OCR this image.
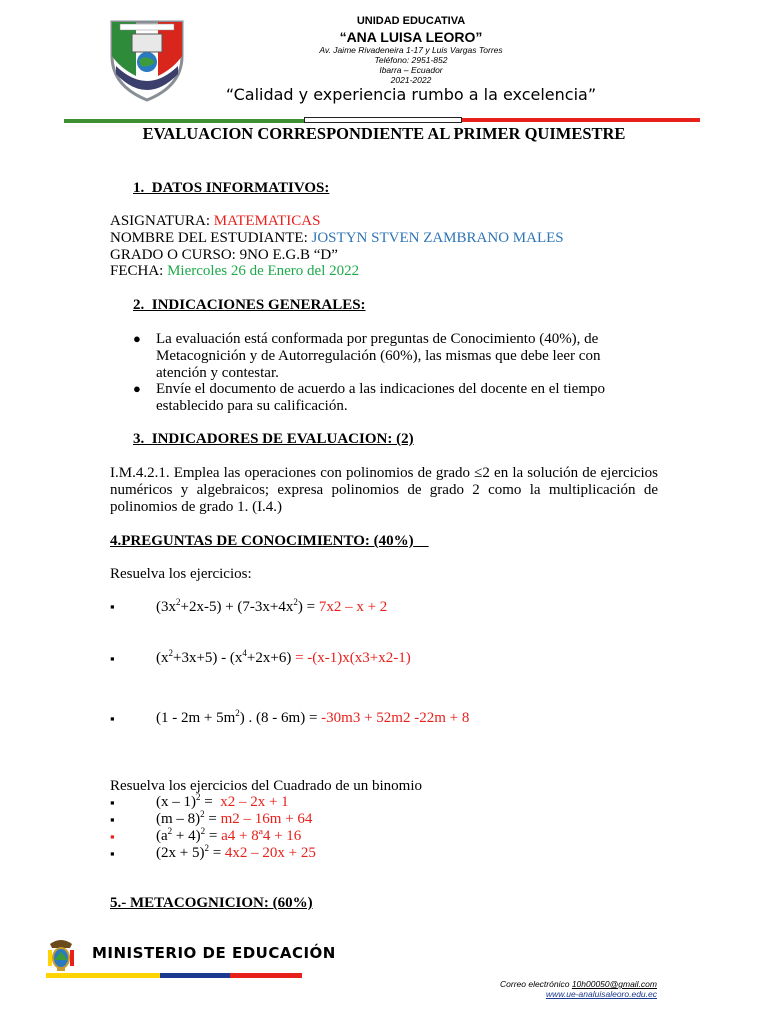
UNIDAD EDUCATIVA
“ANA LUISA LEORO”
Av. Jaime Rivadeneira 1-17 y Luis Vargas Torres
Teléfono: 2951-852
Ibarra – Ecuador
2021-2022
“Calidad y experiencia rumbo a la excelencia”
EVALUACION CORRESPONDIENTE AL PRIMER QUIMESTRE
1.  DATOS INFORMATIVOS:
ASIGNATURA: MATEMATICAS
NOMBRE DEL ESTUDIANTE: JOSTYN STVEN ZAMBRANO MALES
GRADO O CURSO: 9NO E.G.B “D”
FECHA: Miercoles 26 de Enero del 2022
2.  INDICACIONES GENERALES:
● La evaluación está conformada por preguntas de Conocimiento (40%), de Metacognición y de Autorregulación (60%), las mismas que debe leer con atención y contestar.
● Envíe el documento de acuerdo a las indicaciones del docente en el tiempo establecido para su calificación.
3.  INDICADORES DE EVALUACION: (2)
I.M.4.2.1. Emplea las operaciones con polinomios de grado ≤2 en la solución de ejercicios numéricos y algebraicos; expresa polinomios de grado 2 como la multiplicación de polinomios de grado 1. (I.4.)
4.PREGUNTAS DE CONOCIMIENTO: (40%)
Resuelva los ejercicios:
▪	$(3x^2+2x-5) + (7-3x+4x^2) = 7x2 - x + 2$
▪	$(x^2+3x+5) - (x^4+2x+6) = -(x-1)x(x3+x2-1)$
▪	$(1 - 2m + 5m^2)$ . (8 - 6m) = -30m3 + 52m2 -22m + 8
Resuelva los ejercicios del Cuadrado de un binomio
▪	(x – 1)$^2$ =  x2 – 2x + 1
▪	(m – 8)$^2$ = m2 – 16m + 64
▪	$(a^2 + 4)^2 = a4$ + 8ª4 + 16
▪	$(2x + 5)^2 = 4x2 - 20x + 25$
5.- METACOGNICION: (60%)
MINISTERIO DE EDUCACIÓN
Correo electrónico 10h00050@gmail.com
www.ue-analuisaleoro.edu.ec
